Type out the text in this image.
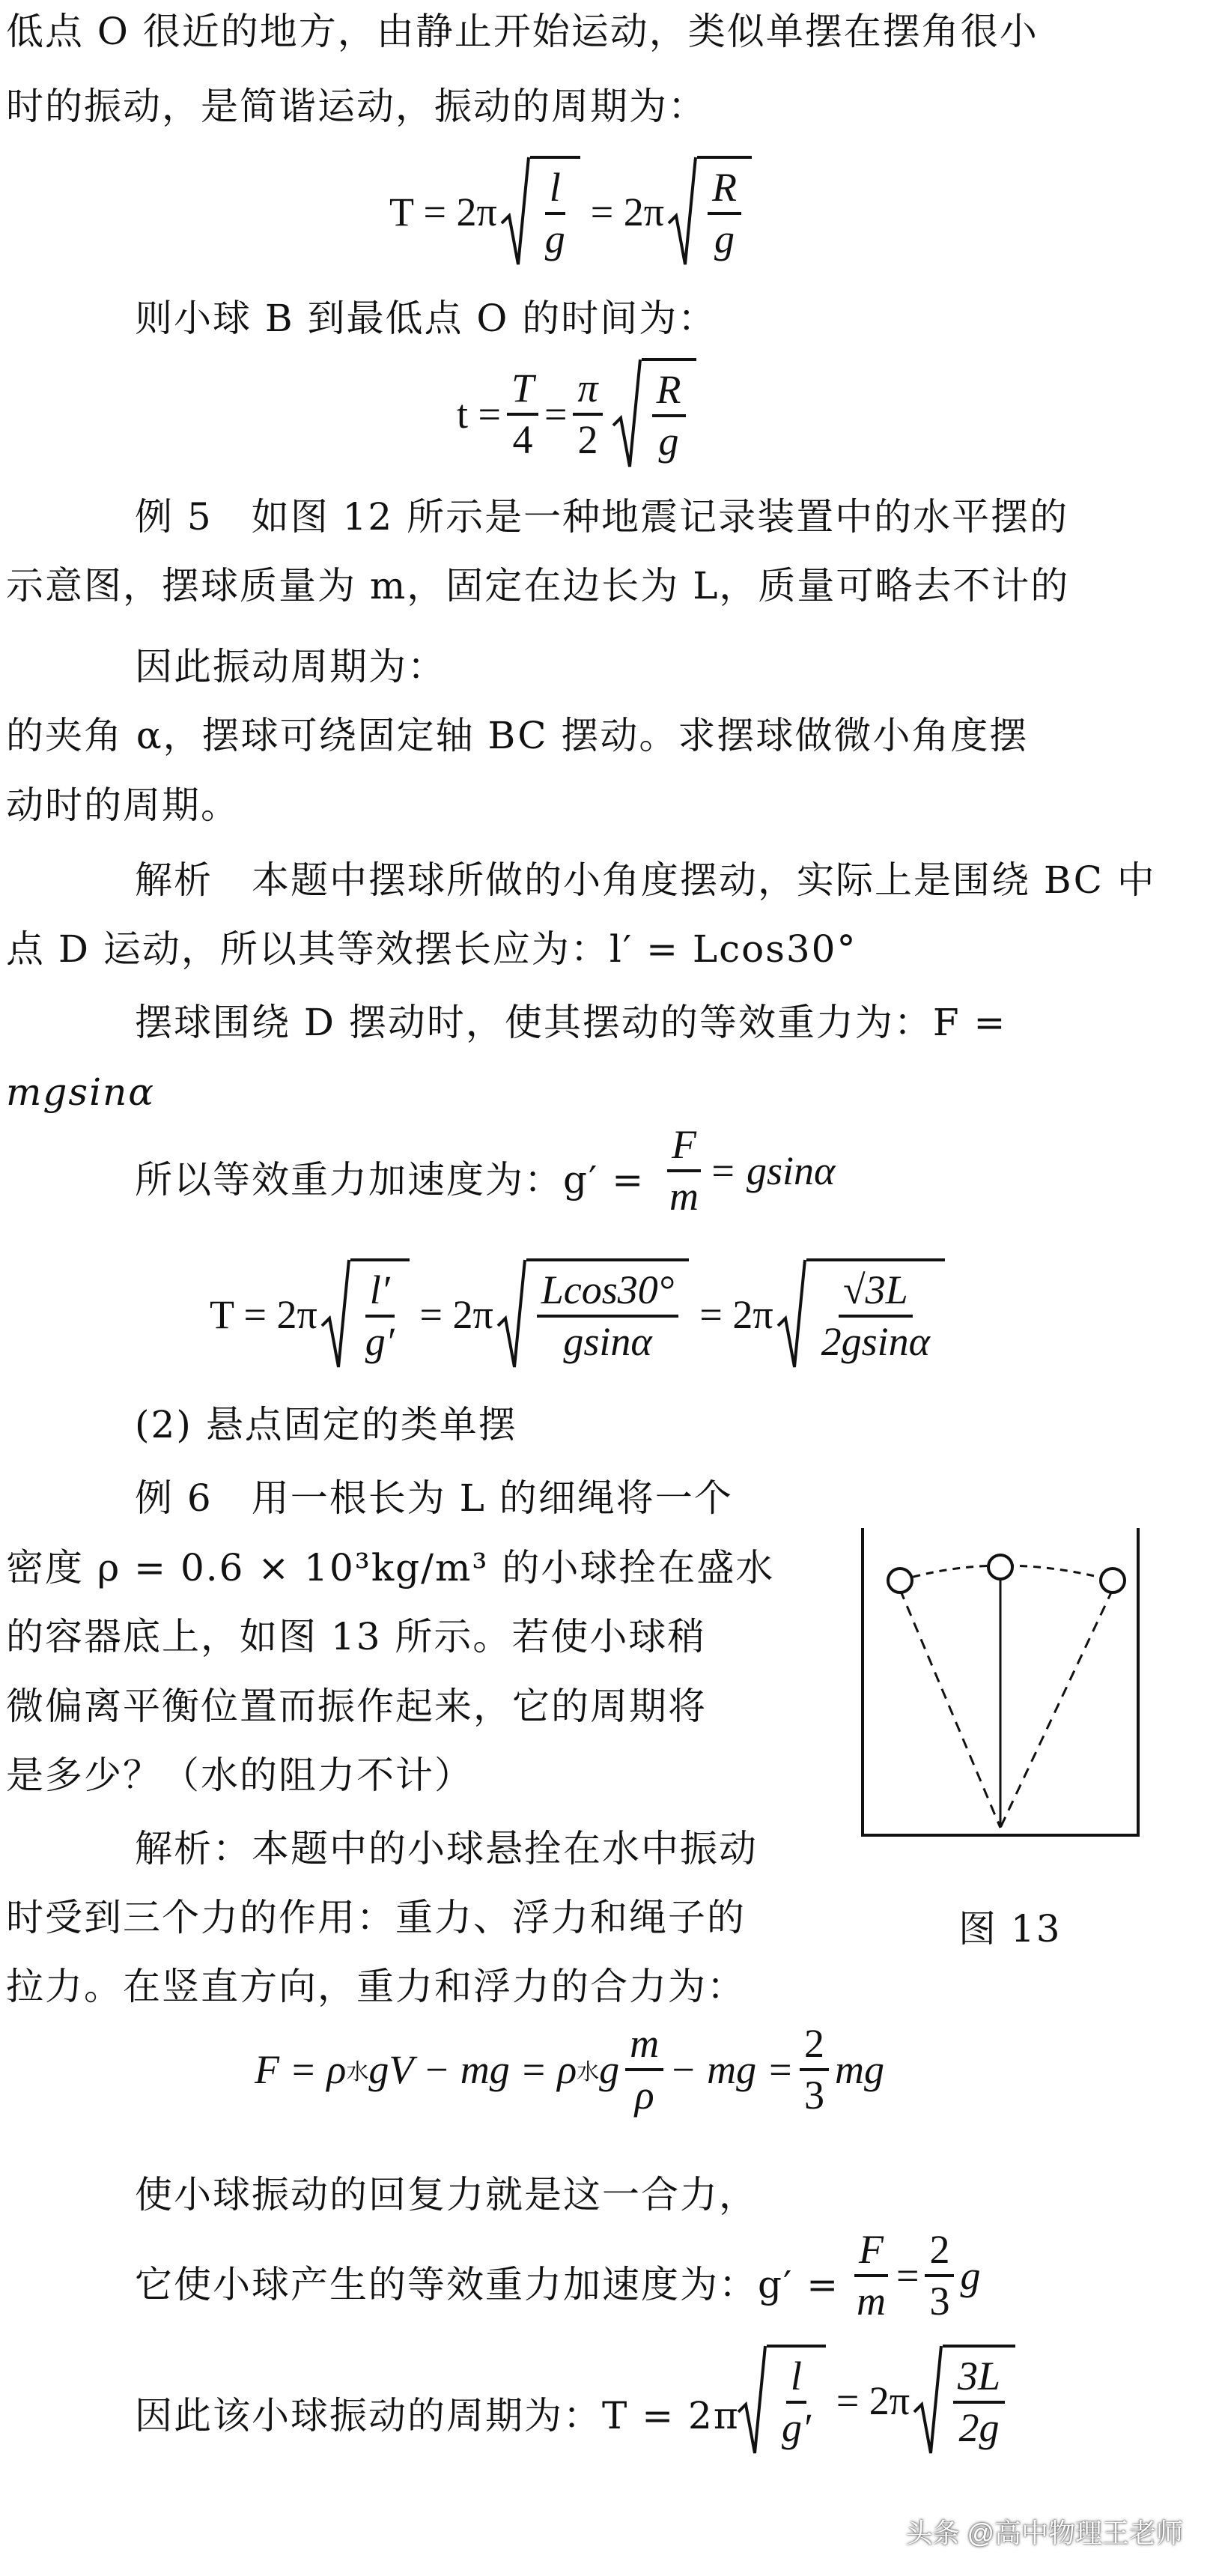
低点 O 很近的地方，由静止开始运动，类似单摆在摆角很小
时的振动，是简谐运动，振动的周期为：
$T = 2\pi \frac{l}{g} = 2\pi \frac{R}{g}$
则小球 B 到最低点 O 的时间为：
$t = \frac{T}{4} = \frac{\pi}{2} \frac{R}{g}$
例 5　如图 12 所示是一种地震记录装置中的水平摆的
示意图，摆球质量为 m，固定在边长为 L，质量可略去不计的
因此振动周期为：
的夹角 α，摆球可绕固定轴 BC 摆动。求摆球做微小角度摆
动时的周期。
解析　本题中摆球所做的小角度摆动，实际上是围绕 BC 中
点 D 运动，所以其等效摆长应为：l′ = Lcos30°
摆球围绕 D 摆动时，使其摆动的等效重力为：F =
mgsinα
所以等效重力加速度为：$g' = \frac{F}{m} = gsin\alpha$
$T = 2\pi \frac{l'}{g'} = 2\pi \frac{Lcos30^\circ}{gsin\alpha} = 2\pi \frac{√3L}{2gsin\alpha}$
(2) 悬点固定的类单摆
例 6　用一根长为 L 的细绳将一个
密度 ρ = 0.6 × 10³kg/m³ 的小球拴在盛水
的容器底上，如图 13 所示。若使小球稍
微偏离平衡位置而振作起来，它的周期将
是多少？（水的阻力不计）
解析：本题中的小球悬拴在水中振动
时受到三个力的作用：重力、浮力和绳子的
拉力。在竖直方向，重力和浮力的合力为：
图 13
F = ρ 水 gV − mg = ρ 水 g $\frac{m}{\rho}$ − mg = $\frac{2}{3}$ mg
使小球振动的回复力就是这一合力，
它使小球产生的等效重力加速度为：$g' = \frac{F}{m} = \frac{2}{3}$ g
因此该小球振动的周期为：$T = 2\pi \frac{l}{g'} = 2\pi \frac{3L}{2g}$
头条 @高中物理王老师
